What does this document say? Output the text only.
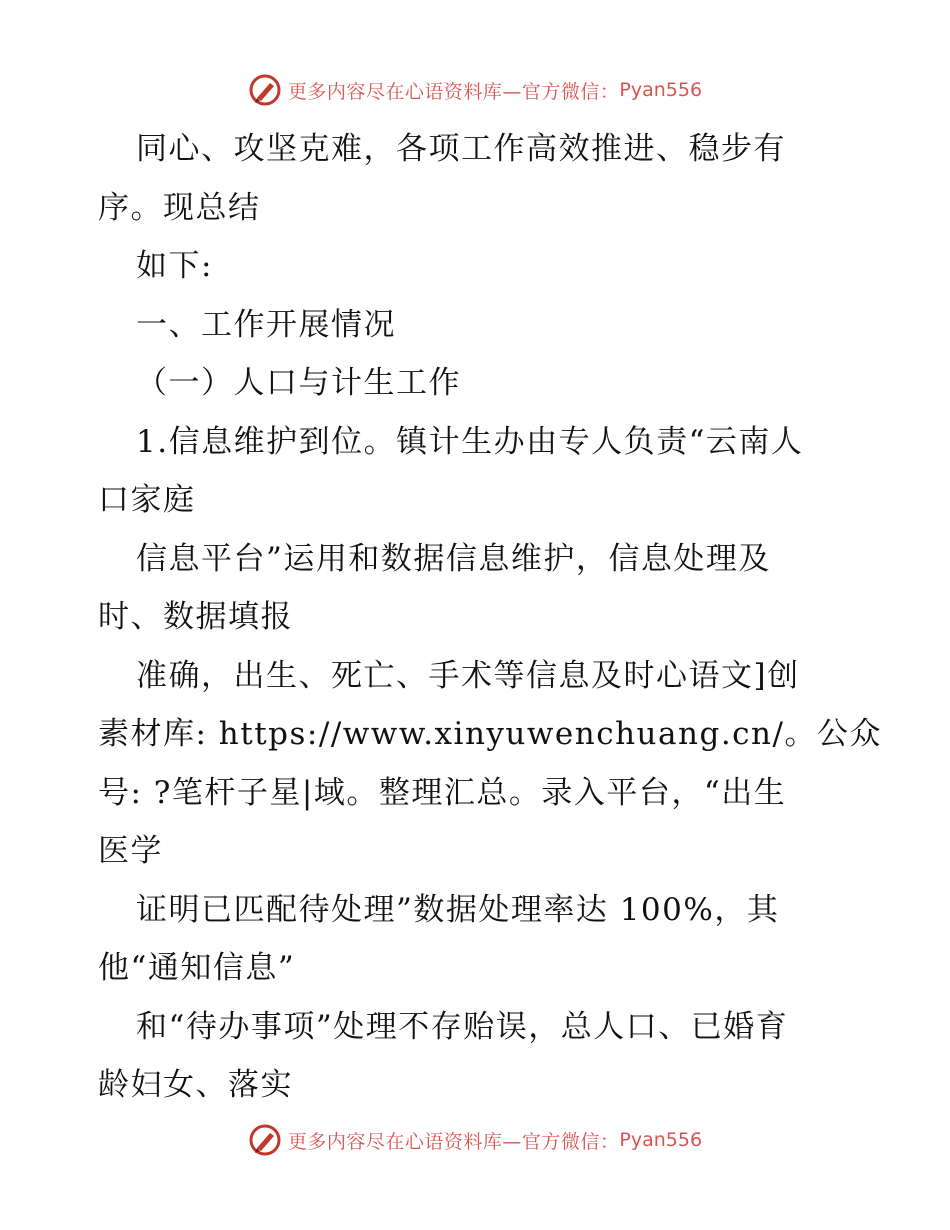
更多内容尽在心语资料库—官方微信： Pyan556
同心、攻坚克难，各项工作高效推进、稳步有
序。现总结
如下:
一、工作开展情况
（一）人口与计生工作
1.信息维护到位。镇计生办由专人负责“云南人
口家庭
信息平台”运用和数据信息维护，信息处理及
时、数据填报
准确，出生、死亡、手术等信息及时心语文]创
素材库: https://www.xinyuwenchuang.cn/。公众
号: ?笔杆子星|域。整理汇总。录入平台，“出生
医学
证明已匹配待处理”数据处理率达 100%，其
他“通知信息”
和“待办事项”处理不存贻误，总人口、已婚育
龄妇女、落实
更多内容尽在心语资料库—官方微信： Pyan556
